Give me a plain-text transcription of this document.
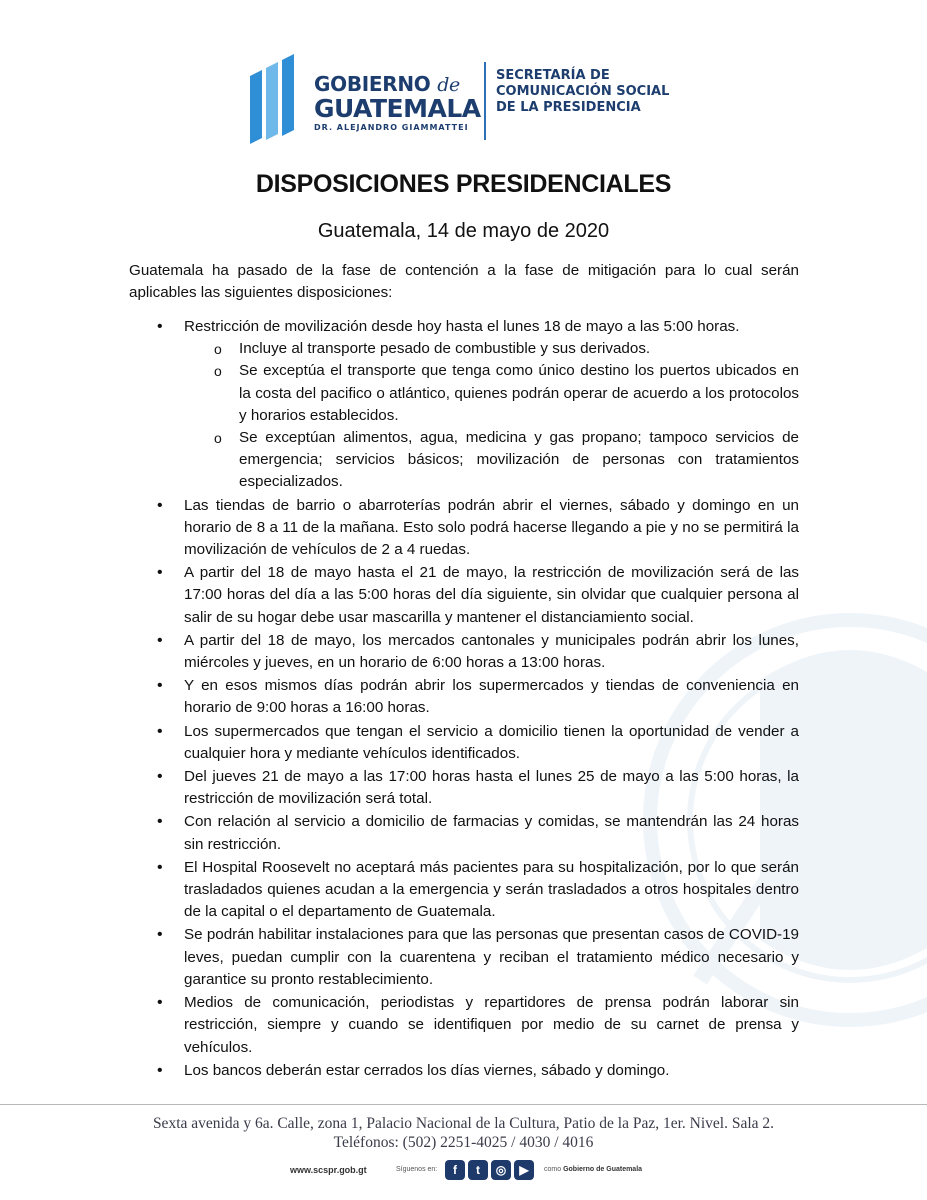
GOBIERNO de
GUATEMALA
DR. ALEJANDRO GIAMMATTEI
SECRETARÍA DE
COMUNICACIÓN SOCIAL
DE LA PRESIDENCIA
DISPOSICIONES PRESIDENCIALES
Guatemala, 14 de mayo de 2020

Guatemala ha pasado de la fase de contención a la fase de mitigación para lo cual serán aplicables las siguientes disposiciones:

• Restricción de movilización desde hoy hasta el lunes 18 de mayo a las 5:00 horas.
o Incluye al transporte pesado de combustible y sus derivados.
o Se exceptúa el transporte que tenga como único destino los puertos ubicados en la costa del pacifico o atlántico, quienes podrán operar de acuerdo a los protocolos y horarios establecidos.
o Se exceptúan alimentos, agua, medicina y gas propano; tampoco servicios de emergencia; servicios básicos; movilización de personas con tratamientos especializados.
• Las tiendas de barrio o abarroterías podrán abrir el viernes, sábado y domingo en un horario de 8 a 11 de la mañana. Esto solo podrá hacerse llegando a pie y no se permitirá la movilización de vehículos de 2 a 4 ruedas.
• A partir del 18 de mayo hasta el 21 de mayo, la restricción de movilización será de las 17:00 horas del día a las 5:00 horas del día siguiente, sin olvidar que cualquier persona al salir de su hogar debe usar mascarilla y mantener el distanciamiento social.
• A partir del 18 de mayo, los mercados cantonales y municipales podrán abrir los lunes, miércoles y jueves, en un horario de 6:00 horas a 13:00 horas.
• Y en esos mismos días podrán abrir los supermercados y tiendas de conveniencia en horario de 9:00 horas a 16:00 horas.
• Los supermercados que tengan el servicio a domicilio tienen la oportunidad de vender a cualquier hora y mediante vehículos identificados.
• Del jueves 21 de mayo a las 17:00 horas hasta el lunes 25 de mayo a las 5:00 horas, la restricción de movilización será total.
• Con relación al servicio a domicilio de farmacias y comidas, se mantendrán las 24 horas sin restricción.
• El Hospital Roosevelt no aceptará más pacientes para su hospitalización, por lo que serán trasladados quienes acudan a la emergencia y serán trasladados a otros hospitales dentro de la capital o el departamento de Guatemala.
• Se podrán habilitar instalaciones para que las personas que presentan casos de COVID-19 leves, puedan cumplir con la cuarentena y reciban el tratamiento médico necesario y garantice su pronto restablecimiento.
• Medios de comunicación, periodistas y repartidores de prensa podrán laborar sin restricción, siempre y cuando se identifiquen por medio de su carnet de prensa y vehículos.
• Los bancos deberán estar cerrados los días viernes, sábado y domingo.
Sexta avenida y 6a. Calle, zona 1, Palacio Nacional de la Cultura, Patio de la Paz, 1er. Nivel. Sala 2.
Teléfonos: (502) 2251-4025 / 4030 / 4016
www.scspr.gob.gt	Síguenos en:	f	t	◎	▶	como Gobierno de Guatemala
